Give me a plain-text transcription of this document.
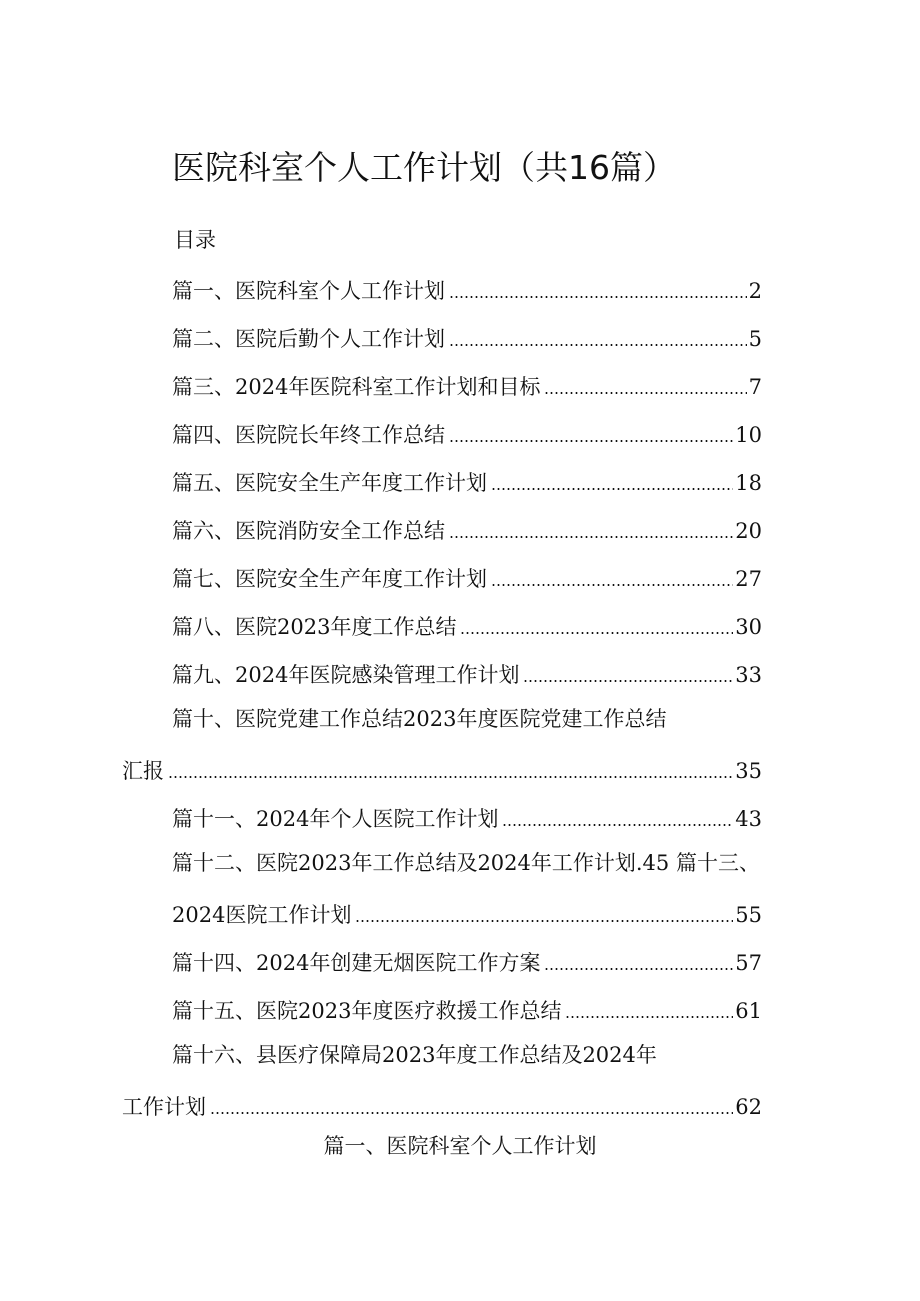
医院科室个人工作计划（共16篇）
目录
篇一、医院科室个人工作计划	2
篇二、医院后勤个人工作计划	5
篇三、2024年医院科室工作计划和目标	7
篇四、医院院长年终工作总结	10
篇五、医院安全生产年度工作计划	18
篇六、医院消防安全工作总结	20
篇七、医院安全生产年度工作计划	27
篇八、医院2023年度工作总结	30
篇九、2024年医院感染管理工作计划	33
篇十、医院党建工作总结2023年度医院党建工作总结
汇报	35
篇十一、2024年个人医院工作计划	43
篇十二、医院2023年工作总结及2024年工作计划.45 篇十三、
2024医院工作计划	55
篇十四、2024年创建无烟医院工作方案	57
篇十五、医院2023年度医疗救援工作总结	61
篇十六、县医疗保障局2023年度工作总结及2024年
工作计划	62
篇一、医院科室个人工作计划
